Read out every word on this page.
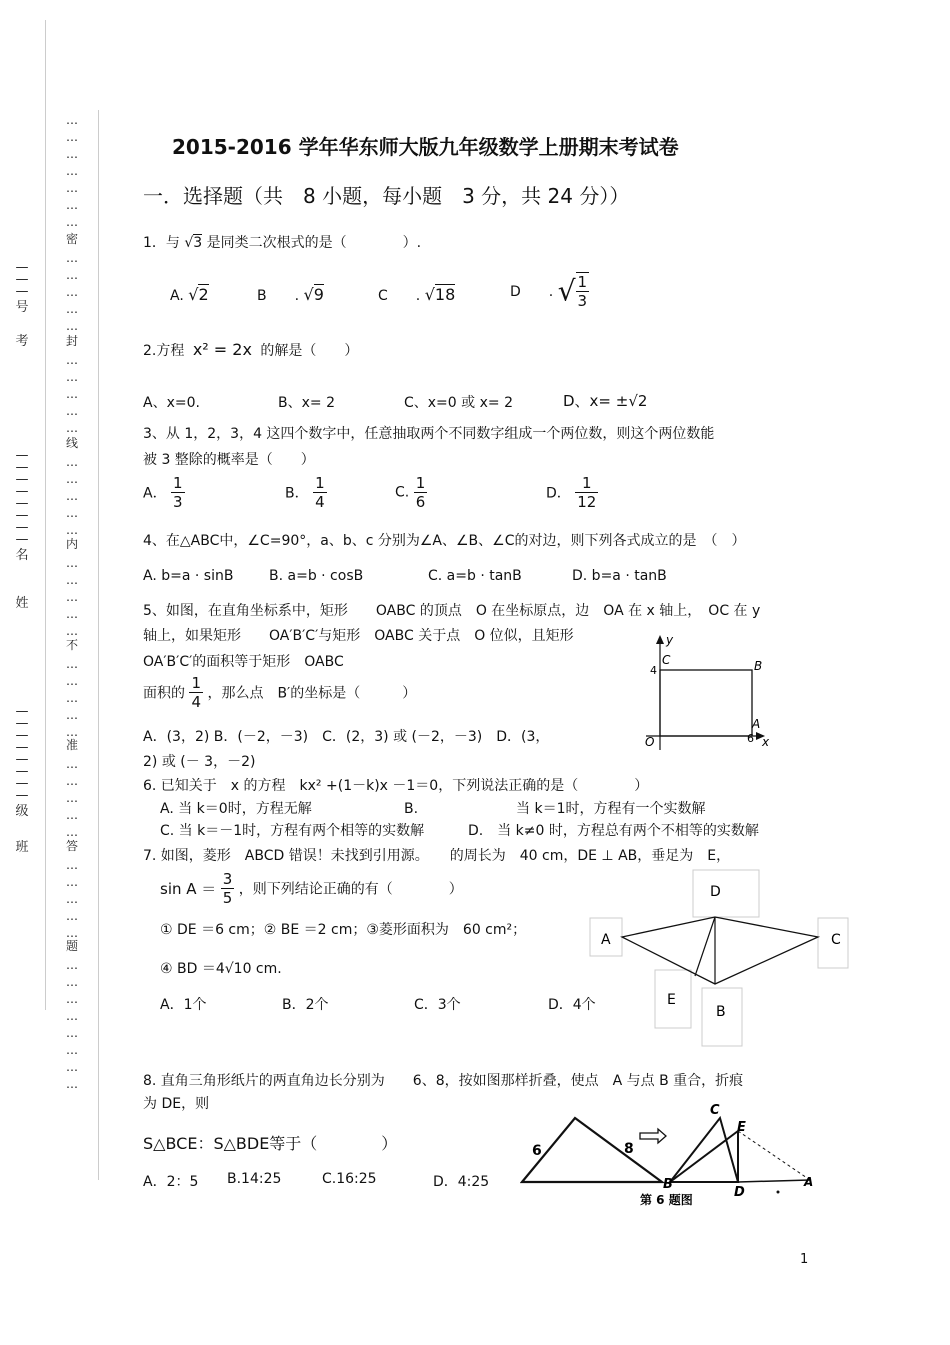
…
…
…
…
…
…
…
密
…
…
…
…
…
封
…
…
…
…
…
线
…
…
…
…
…
内
…
…
…
…
…
不
…
…
…
…
…
准
…
…
…
…
…
答
…
…
…
…
…
题
…
…
…
…
…
…
…
…
—
—
—
号
考
—
—
—
—
—
—
—
—
名
姓
—
—
—
—
—
—
—
—
级
班
2015-2016 学年华东师大版九年级数学上册期末考试卷
一．选择题（共　8 小题，每小题　3 分，共 24 分））
1．与 √3 是同类二次根式的是（　　　　）.
A. √2	B　　. √9	C　　. √18	D　　. √ $\frac{1}{3}$
2.方程 x² = 2x 的解是（　　）
A、x=0.	B、x= 2	C、x=0 或 x= 2	D、x= ±√2
3、从 1，2，3，4 这四个数字中，任意抽取两个不同数字组成一个两位数，则这个两位数能
被 3 整除的概率是（　　）
A． $\frac{1}{3}$	B． $\frac{1}{4}$	C. $\frac{1}{6}$	D． $\frac{1}{12}$
4、在△ABC中，∠C=90°，a、b、c 分别为∠A、∠B、∠C的对边，则下列各式成立的是　（　）
A. b=a · sinB	B. a=b · cosB	C. a=b · tanB	D. b=a · tanB
5、如图，在直角坐标系中，矩形　　OABC 的顶点　O 在坐标原点，边　OA 在 x 轴上，　OC 在 y
轴上，如果矩形　　OA′B′C′与矩形　OABC 关于点　O 位似，且矩形
OA′B′C′的面积等于矩形　OABC
面积的 $\frac{1}{4}$ ，那么点　B′的坐标是（　　　）
A．(3，2) B．(－2，－3)　C．(2，3) 或 (－2，－3)　D．(3，
2) 或 (－ 3，－2)
y
C
4	B
A
6 x
O
6. 已知关于　x 的方程　kx² +(1－k)x －1＝0，下列说法正确的是（　　　　）
A. 当 k＝0时，方程无解	B.　　　　　　　当 k＝1时，方程有一个实数解
C. 当 k＝－1时，方程有两个相等的实数解	D.　当 k≠0 时，方程总有两个不相等的实数解
7. 如图，菱形　ABCD 错误！未找到引用源。　　的周长为　40 cm，DE ⊥ AB，垂足为　E，
$\sin A = \frac{3}{5}$ ，则下列结论正确的有（　　　　）
① DE ＝6 cm；② BE ＝2 cm；③菱形面积为　60 cm²；
④ BD ＝4√10 cm.
A．1个	B．2个	C．3个	D．4个
D
A	C
E
B
8. 直角三角形纸片的两直角边长分别为　　6、8，按如图那样折叠，使点　A 与点 B 重合，折痕
为 DE，则
S△BCE：S△BDE等于（　　　　）
A．2：5 B.14:25	C.16:25	D．4:25
6	8
B
C
E
D
A
第 6 题图
1
